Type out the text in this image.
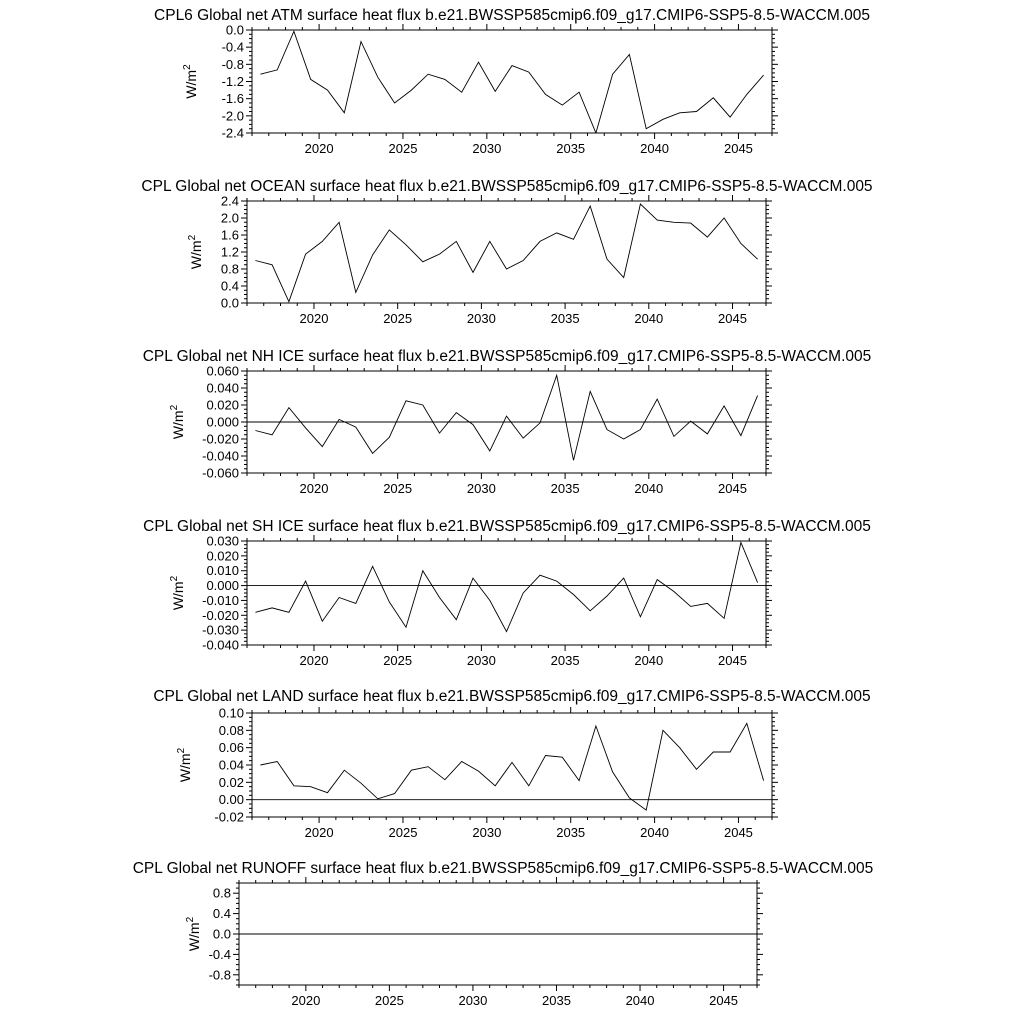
CPL6 Global net ATM surface heat flux b.e21.BWSSP585cmip6.f09_g17.CMIP6-SSP5-8.5-WACCM.005
2020	2025	2030	2035	2040	2045
-2.4
-2.0
-1.6
-1.2
-0.8
-0.4
0.0
$W/m^2$
CPL Global net OCEAN surface heat flux b.e21.BWSSP585cmip6.f09_g17.CMIP6-SSP5-8.5-WACCM.005
2020	2025	2030	2035	2040	2045
0.0
0.4
0.8
1.2
1.6
2.0
2.4
$W/m^2$
CPL Global net NH ICE surface heat flux b.e21.BWSSP585cmip6.f09_g17.CMIP6-SSP5-8.5-WACCM.005
2020	2025	2030	2035	2040	2045
-0.060
-0.040
-0.020
0.000
0.020
0.040
0.060
$W/m^2$
CPL Global net SH ICE surface heat flux b.e21.BWSSP585cmip6.f09_g17.CMIP6-SSP5-8.5-WACCM.005
2020	2025	2030	2035	2040	2045
-0.040
-0.030
-0.020
-0.010
0.000
0.010
0.020
0.030
$W/m^2$
CPL Global net LAND surface heat flux b.e21.BWSSP585cmip6.f09_g17.CMIP6-SSP5-8.5-WACCM.005
2020	2025	2030	2035	2040	2045
-0.02
0.00
0.02
0.04
0.06
0.08
0.10
$W/m^2$
CPL Global net RUNOFF surface heat flux b.e21.BWSSP585cmip6.f09_g17.CMIP6-SSP5-8.5-WACCM.005
2020	2025	2030	2035	2040	2045
-0.8
-0.4
0.0
0.4
0.8
$W/m^2$
